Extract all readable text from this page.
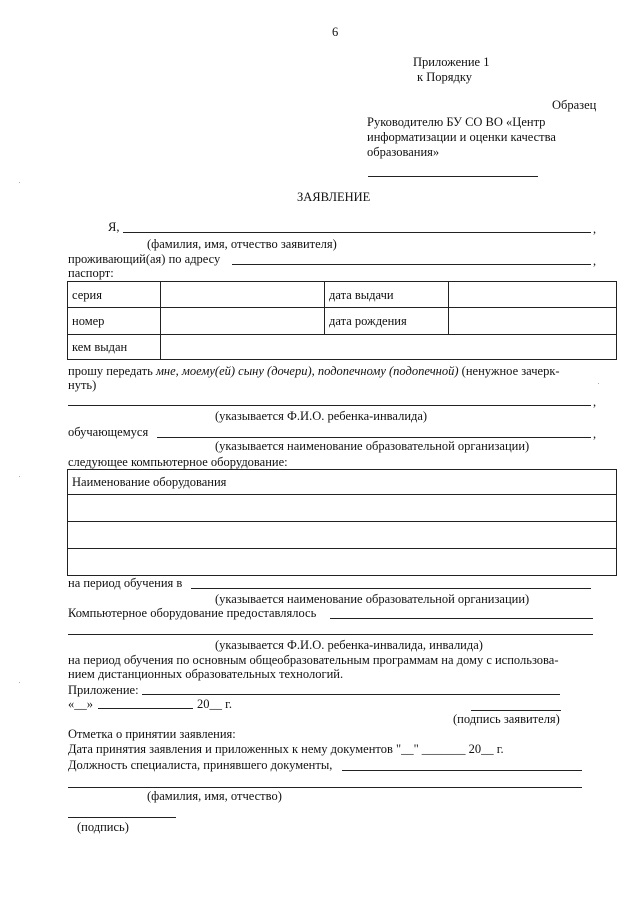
6
Приложение 1
к Порядку
Образец
Руководителю БУ СО ВО «Центр
информатизации и оценки качества
образования»
ЗАЯВЛЕНИЕ
Я,	,
(фамилия, имя, отчество заявителя)
проживающий(ая) по адресу	,
паспорт:
серия		дата выдачи	
номер		дата рождения	
кем выдан			
прошу передать мне, моему(ей) сыну (дочери), подопечному (подопечной) (ненужное зачерк-
нуть)
,
(указывается Ф.И.О. ребенка-инвалида)
обучающемуся	,
(указывается наименование образовательной организации)
следующее компьютерное оборудование:
Наименование оборудования

на период обучения в
(указывается наименование образовательной организации)
Компьютерное оборудование предоставлялось
(указывается Ф.И.О. ребенка-инвалида, инвалида)
на период обучения по основным общеобразовательным программам на дому с использова-
нием дистанционных образовательных технологий.
Приложение:
«__»	20__ г.
(подпись заявителя)
Отметка о принятии заявления:
Дата принятия заявления и приложенных к нему документов "__" _______ 20__ г.
Должность специалиста, принявшего документы,
(фамилия, имя, отчество)
(подпись)
